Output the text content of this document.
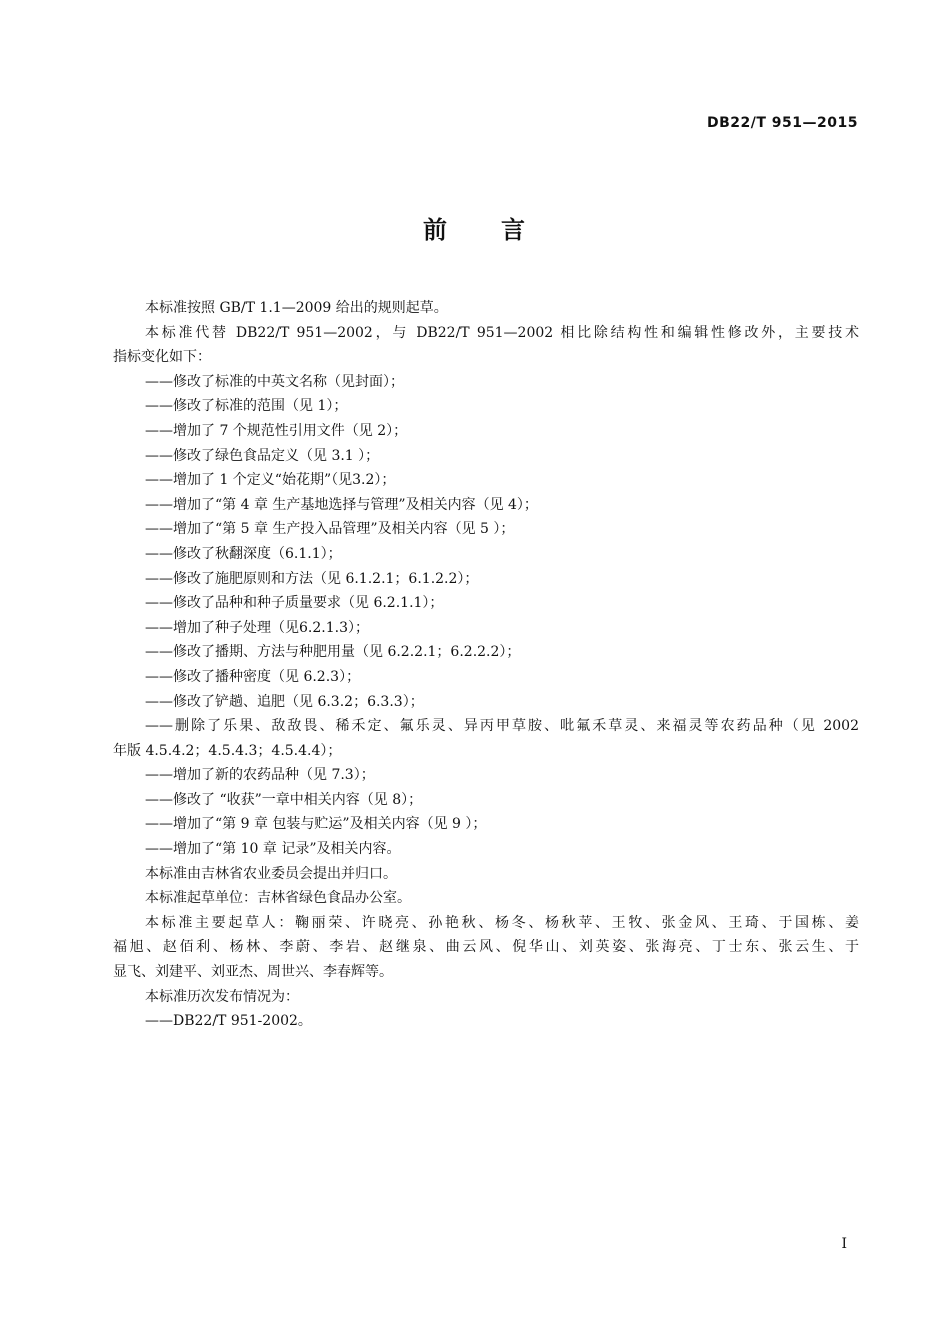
DB22/T 951—2015
前　　言
本标准按照 GB/T 1.1—2009 给出的规则起草。
本标准代替 DB22/T 951—2002，与 DB22/T 951—2002 相比除结构性和编辑性修改外，主要技术
指标变化如下：
——修改了标准的中英文名称（见封面）；
——修改了标准的范围（见 1）；
——增加了 7 个规范性引用文件（见 2）；
——修改了绿色食品定义（见 3.1 ）；
——增加了 1 个定义“始花期”（见3.2）；
——增加了“第 4 章 生产基地选择与管理”及相关内容（见 4）；
——增加了“第 5 章 生产投入品管理”及相关内容（见 5 ）；
——修改了秋翻深度（6.1.1）；
——修改了施肥原则和方法（见 6.1.2.1；6.1.2.2）；
——修改了品种和种子质量要求（见 6.2.1.1）；
——增加了种子处理（见6.2.1.3）；
——修改了播期、方法与种肥用量（见 6.2.2.1；6.2.2.2）；
——修改了播种密度（见 6.2.3）；
——修改了铲趟、追肥（见 6.3.2；6.3.3）；
——删除了乐果、敌敌畏、稀禾定、氟乐灵、异丙甲草胺、吡氟禾草灵、来福灵等农药品种（见 2002
年版 4.5.4.2；4.5.4.3；4.5.4.4）；
——增加了新的农药品种（见 7.3）；
——修改了 “收获”一章中相关内容（见 8）；
——增加了“第 9 章 包装与贮运”及相关内容（见 9 ）；
——增加了“第 10 章 记录”及相关内容。
本标准由吉林省农业委员会提出并归口。
本标准起草单位：吉林省绿色食品办公室。
本标准主要起草人：鞠丽荣、许晓亮、孙艳秋、杨冬、杨秋苹、王牧、张金风、王琦、于国栋、姜
福旭、赵佰利、杨林、李蔚、李岩、赵继泉、曲云风、倪华山、刘英姿、张海亮、丁士东、张云生、于
显飞、刘建平、刘亚杰、周世兴、李春辉等。
本标准历次发布情况为：
——DB22/T 951-2002。
I
